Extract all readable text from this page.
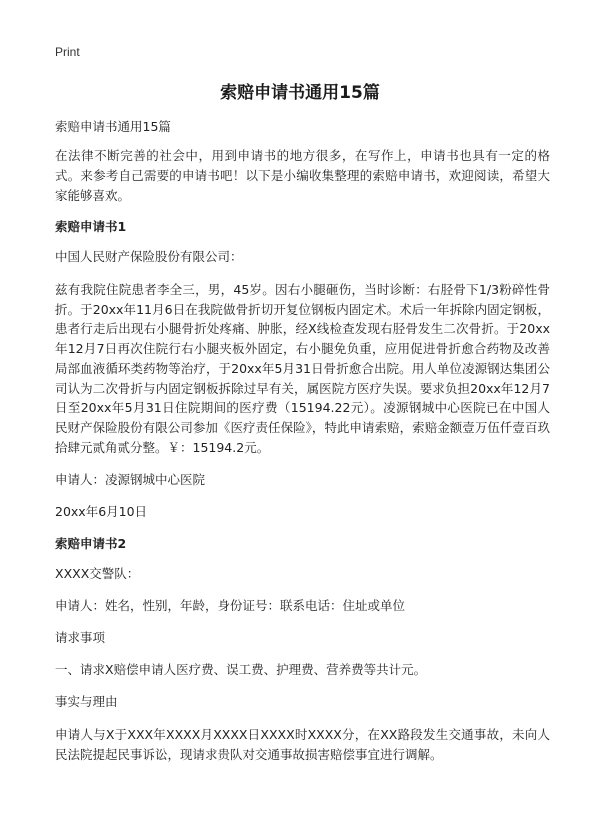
Print
索赔申请书通用15篇

索赔申请书通用15篇

在法律不断完善的社会中，用到申请书的地方很多，在写作上，申请书也具有一定的格式。来参考自己需要的申请书吧！以下是小编收集整理的索赔申请书，欢迎阅读，希望大家能够喜欢。

索赔申请书1

中国人民财产保险股份有限公司：

兹有我院住院患者李全三，男，45岁。因右小腿砸伤，当时诊断：右胫骨下1/3粉碎性骨折。于20xx年11月6日在我院做骨折切开复位钢板内固定术。术后一年拆除内固定钢板，患者行走后出现右小腿骨折处疼痛、肿胀，经X线检查发现右胫骨发生二次骨折。于20xx年12月7日再次住院行右小腿夹板外固定，右小腿免负重，应用促进骨折愈合药物及改善局部血液循环类药物等治疗，于20xx年5月31日骨折愈合出院。用人单位凌源钢达集团公司认为二次骨折与内固定钢板拆除过早有关，属医院方医疗失误。要求负担20xx年12月7日至20xx年5月31日住院期间的医疗费（15194.22元）。凌源钢城中心医院已在中国人民财产保险股份有限公司参加《医疗责任保险》，特此申请索赔，索赔金额壹万伍仟壹百玖拾肆元贰角贰分整。￥：15194.2元。

申请人：凌源钢城中心医院

20xx年6月10日

索赔申请书2

XXXX交警队：

申请人：姓名，性别，年龄，身份证号：联系电话：住址或单位

请求事项

一、请求X赔偿申请人医疗费、误工费、护理费、营养费等共计元。

事实与理由

申请人与X于XXX年XXXX月XXXX日XXXX时XXXX分，在XX路段发生交通事故，未向人民法院提起民事诉讼，现请求贵队对交通事故损害赔偿事宜进行调解。
